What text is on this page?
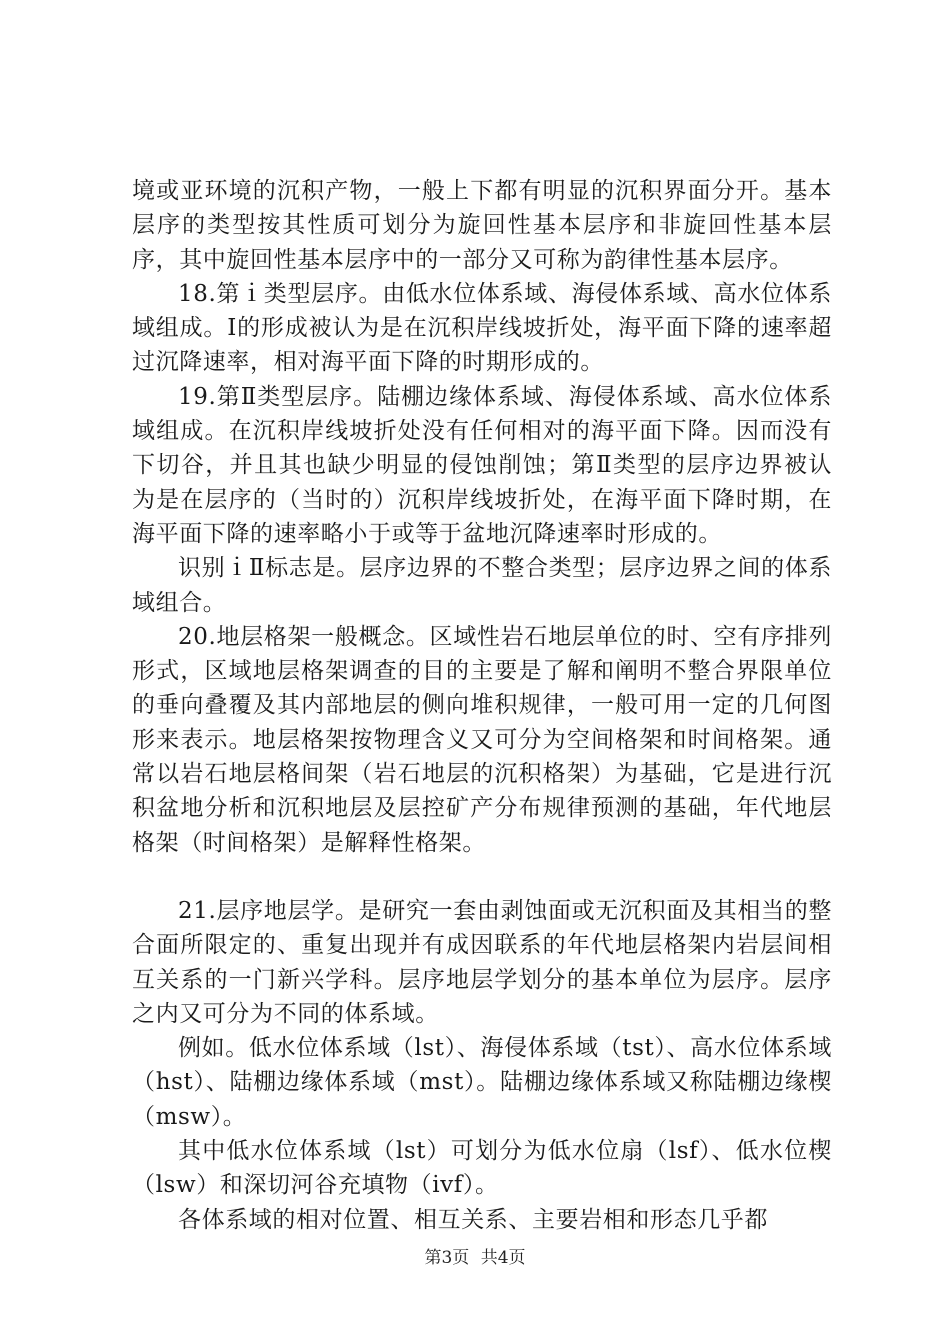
境或亚环境的沉积产物，一般上下都有明显的沉积界面分开。基本层序的类型按其性质可划分为旋回性基本层序和非旋回性基本层序，其中旋回性基本层序中的一部分又可称为韵律性基本层序。

18.第ｉ类型层序。由低水位体系域、海侵体系域、高水位体系域组成。Ⅰ的形成被认为是在沉积岸线坡折处，海平面下降的速率超过沉降速率，相对海平面下降的时期形成的。

19.第Ⅱ类型层序。陆棚边缘体系域、海侵体系域、高水位体系域组成。在沉积岸线坡折处没有任何相对的海平面下降。因而没有下切谷，并且其也缺少明显的侵蚀削蚀；第Ⅱ类型的层序边界被认为是在层序的（当时的）沉积岸线坡折处，在海平面下降时期，在海平面下降的速率略小于或等于盆地沉降速率时形成的。

识别ｉⅡ标志是。层序边界的不整合类型；层序边界之间的体系域组合。

20.地层格架一般概念。区域性岩石地层单位的时、空有序排列形式，区域地层格架调查的目的主要是了解和阐明不整合界限单位的垂向叠覆及其内部地层的侧向堆积规律，一般可用一定的几何图形来表示。地层格架按物理含义又可分为空间格架和时间格架。通常以岩石地层格间架（岩石地层的沉积格架）为基础，它是进行沉积盆地分析和沉积地层及层控矿产分布规律预测的基础，年代地层格架（时间格架）是解释性格架。

21.层序地层学。是研究一套由剥蚀面或无沉积面及其相当的整合面所限定的、重复出现并有成因联系的年代地层格架内岩层间相互关系的一门新兴学科。层序地层学划分的基本单位为层序。层序之内又可分为不同的体系域。

例如。低水位体系域（lst）、海侵体系域（tst）、高水位体系域（hst）、陆棚边缘体系域（mst）。陆棚边缘体系域又称陆棚边缘楔（msw）。

其中低水位体系域（lst）可划分为低水位扇（lsf）、低水位楔（lsw）和深切河谷充填物（ivf）。

各体系域的相对位置、相互关系、主要岩相和形态几乎都

第3页 共4页
